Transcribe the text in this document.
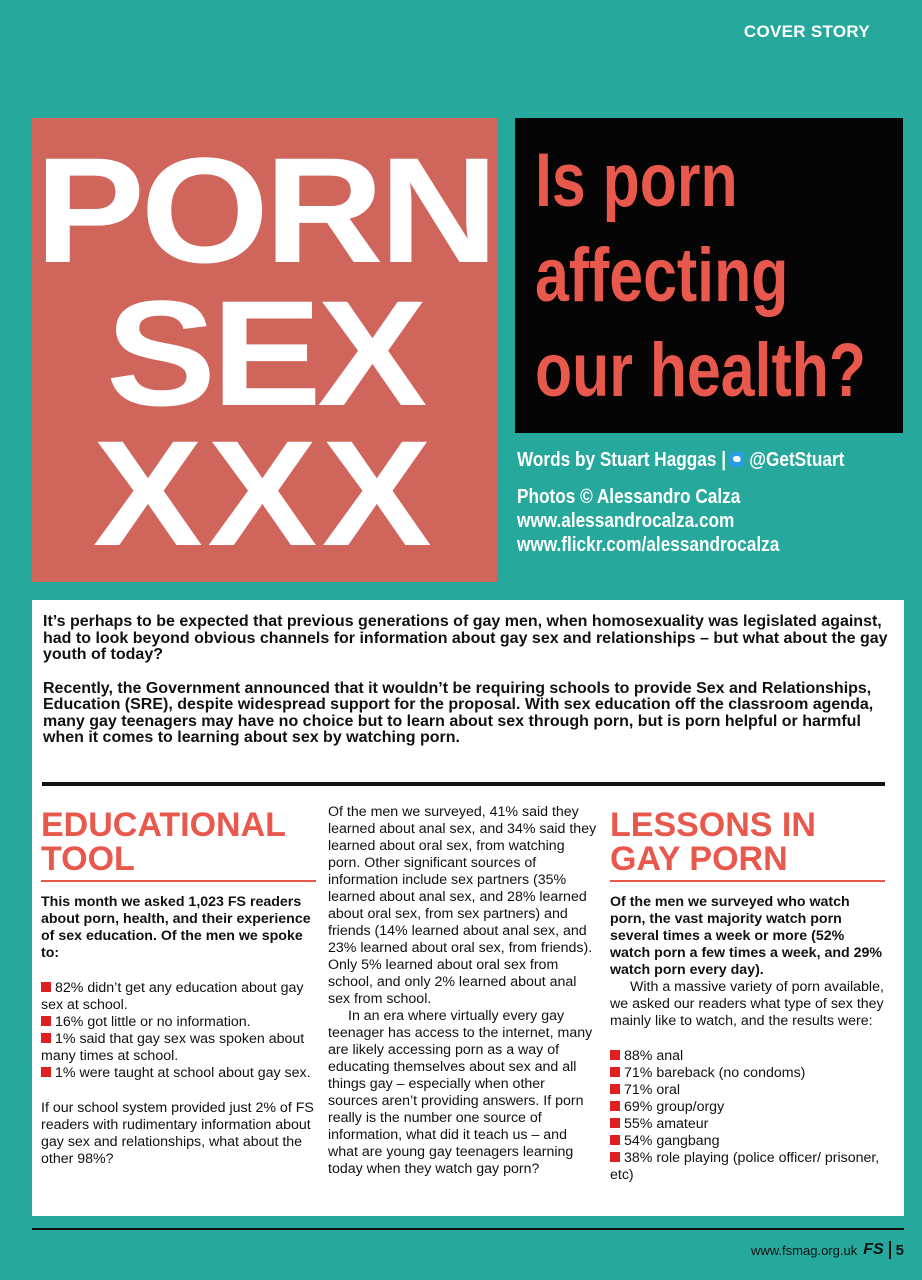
COVER STORY
PORN
SEX
XXX
Is porn
affecting
our health?
Words by Stuart Haggas | @GetStuart
Photos © Alessandro Calza
www.alessandrocalza.com
www.flickr.com/alessandrocalza

It’s perhaps to be expected that previous generations of gay men, when homosexuality was legislated against, had to look beyond obvious channels for information about gay sex and relationships – but what about the gay youth of today?

Recently, the Government announced that it wouldn’t be requiring schools to provide Sex and Relationships, Education (SRE), despite widespread support for the proposal. With sex education off the classroom agenda, many gay teenagers may have no choice but to learn about sex through porn, but is porn helpful or harmful when it comes to learning about sex by watching porn.

EDUCATIONAL
TOOL

This month we asked 1,023 FS readers about porn, health, and their experience of sex education. Of the men we spoke to:

82% didn’t get any education about gay sex at school.
16% got little or no information.
1% said that gay sex was spoken about many times at school.
1% were taught at school about gay sex.

If our school system provided just 2% of FS readers with rudimentary information about gay sex and relationships, what about the other 98%?

Of the men we surveyed, 41% said they learned about anal sex, and 34% said they learned about oral sex, from watching porn. Other significant sources of information include sex partners (35% learned about anal sex, and 28% learned about oral sex, from sex partners) and friends (14% learned about anal sex, and 23% learned about oral sex, from friends). Only 5% learned about oral sex from school, and only 2% learned about anal sex from school.

In an era where virtually every gay teenager has access to the internet, many are likely accessing porn as a way of educating themselves about sex and all things gay – especially when other sources aren’t providing answers. If porn really is the number one source of information, what did it teach us – and what are young gay teenagers learning today when they watch gay porn?

LESSONS IN
GAY PORN

Of the men we surveyed who watch porn, the vast majority watch porn several times a week or more (52% watch porn a few times a week, and 29% watch porn every day).

With a massive variety of porn available, we asked our readers what type of sex they mainly like to watch, and the results were:

88% anal
71% bareback (no condoms)
71% oral
69% group/orgy
55% amateur
54% gangbang
38% role playing (police officer/ prisoner, etc)
www.fsmag.org.uk FS 5
